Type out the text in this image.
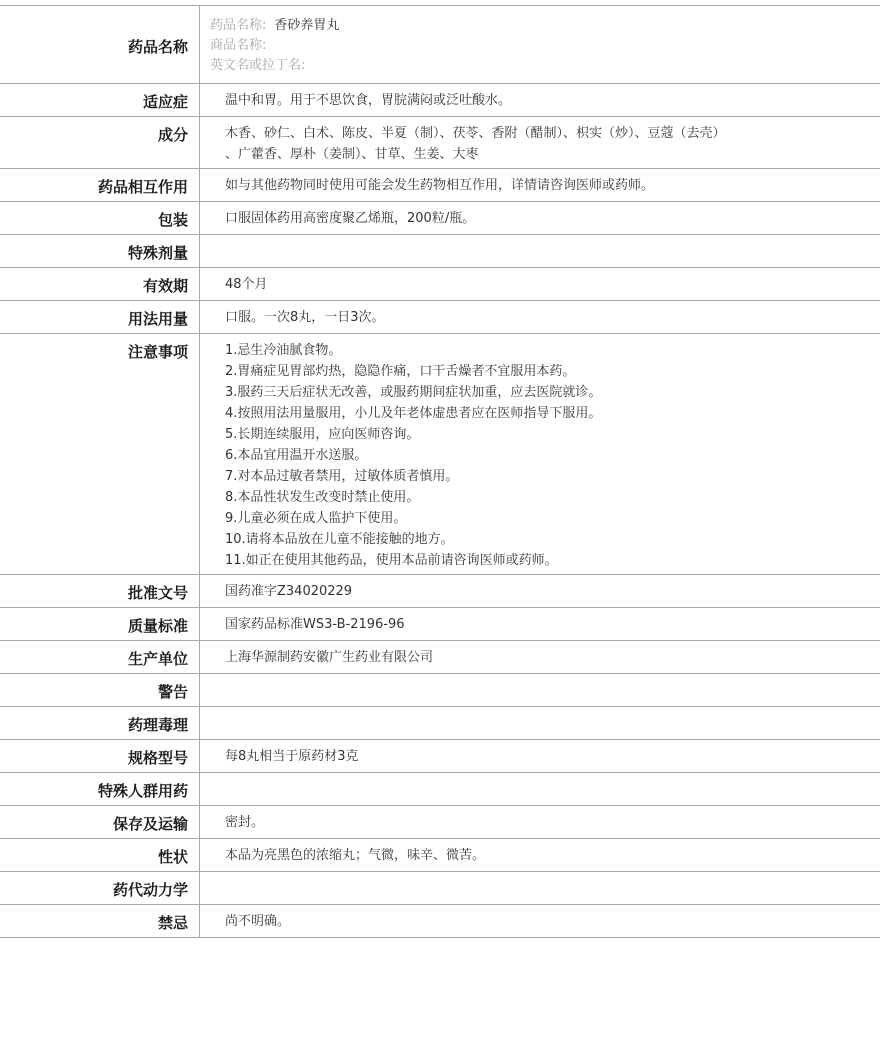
药品名称
药品名称: 香砂养胃丸
商品名称:
英文名或拉丁名:
适应症	温中和胃。用于不思饮食，胃脘满闷或泛吐酸水。
成分	木香、砂仁、白术、陈皮、半夏（制）、茯苓、香附（醋制）、枳实（炒）、豆蔻（去壳）
、广藿香、厚朴（姜制）、甘草、生姜、大枣
药品相互作用	如与其他药物同时使用可能会发生药物相互作用，详情请咨询医师或药师。
包装	口服固体药用高密度聚乙烯瓶，200粒/瓶。
特殊剂量
有效期	48个月
用法用量	口服。一次8丸，一日3次。
注意事项	1.忌生冷油腻食物。
2.胃痛症见胃部灼热，隐隐作痛，口干舌燥者不宜服用本药。
3.服药三天后症状无改善，或服药期间症状加重，应去医院就诊。
4.按照用法用量服用，小儿及年老体虚患者应在医师指导下服用。
5.长期连续服用，应向医师咨询。
6.本品宜用温开水送服。
7.对本品过敏者禁用，过敏体质者慎用。
8.本品性状发生改变时禁止使用。
9.儿童必须在成人监护下使用。
10.请将本品放在儿童不能接触的地方。
11.如正在使用其他药品，使用本品前请咨询医师或药师。
批准文号	国药准字Z34020229
质量标准	国家药品标准WS3-B-2196-96
生产单位	上海华源制药安徽广生药业有限公司
警告
药理毒理
规格型号	每8丸相当于原药材3克
特殊人群用药
保存及运输	密封。
性状	本品为亮黑色的浓缩丸；气微，味辛、微苦。
药代动力学
禁忌	尚不明确。
